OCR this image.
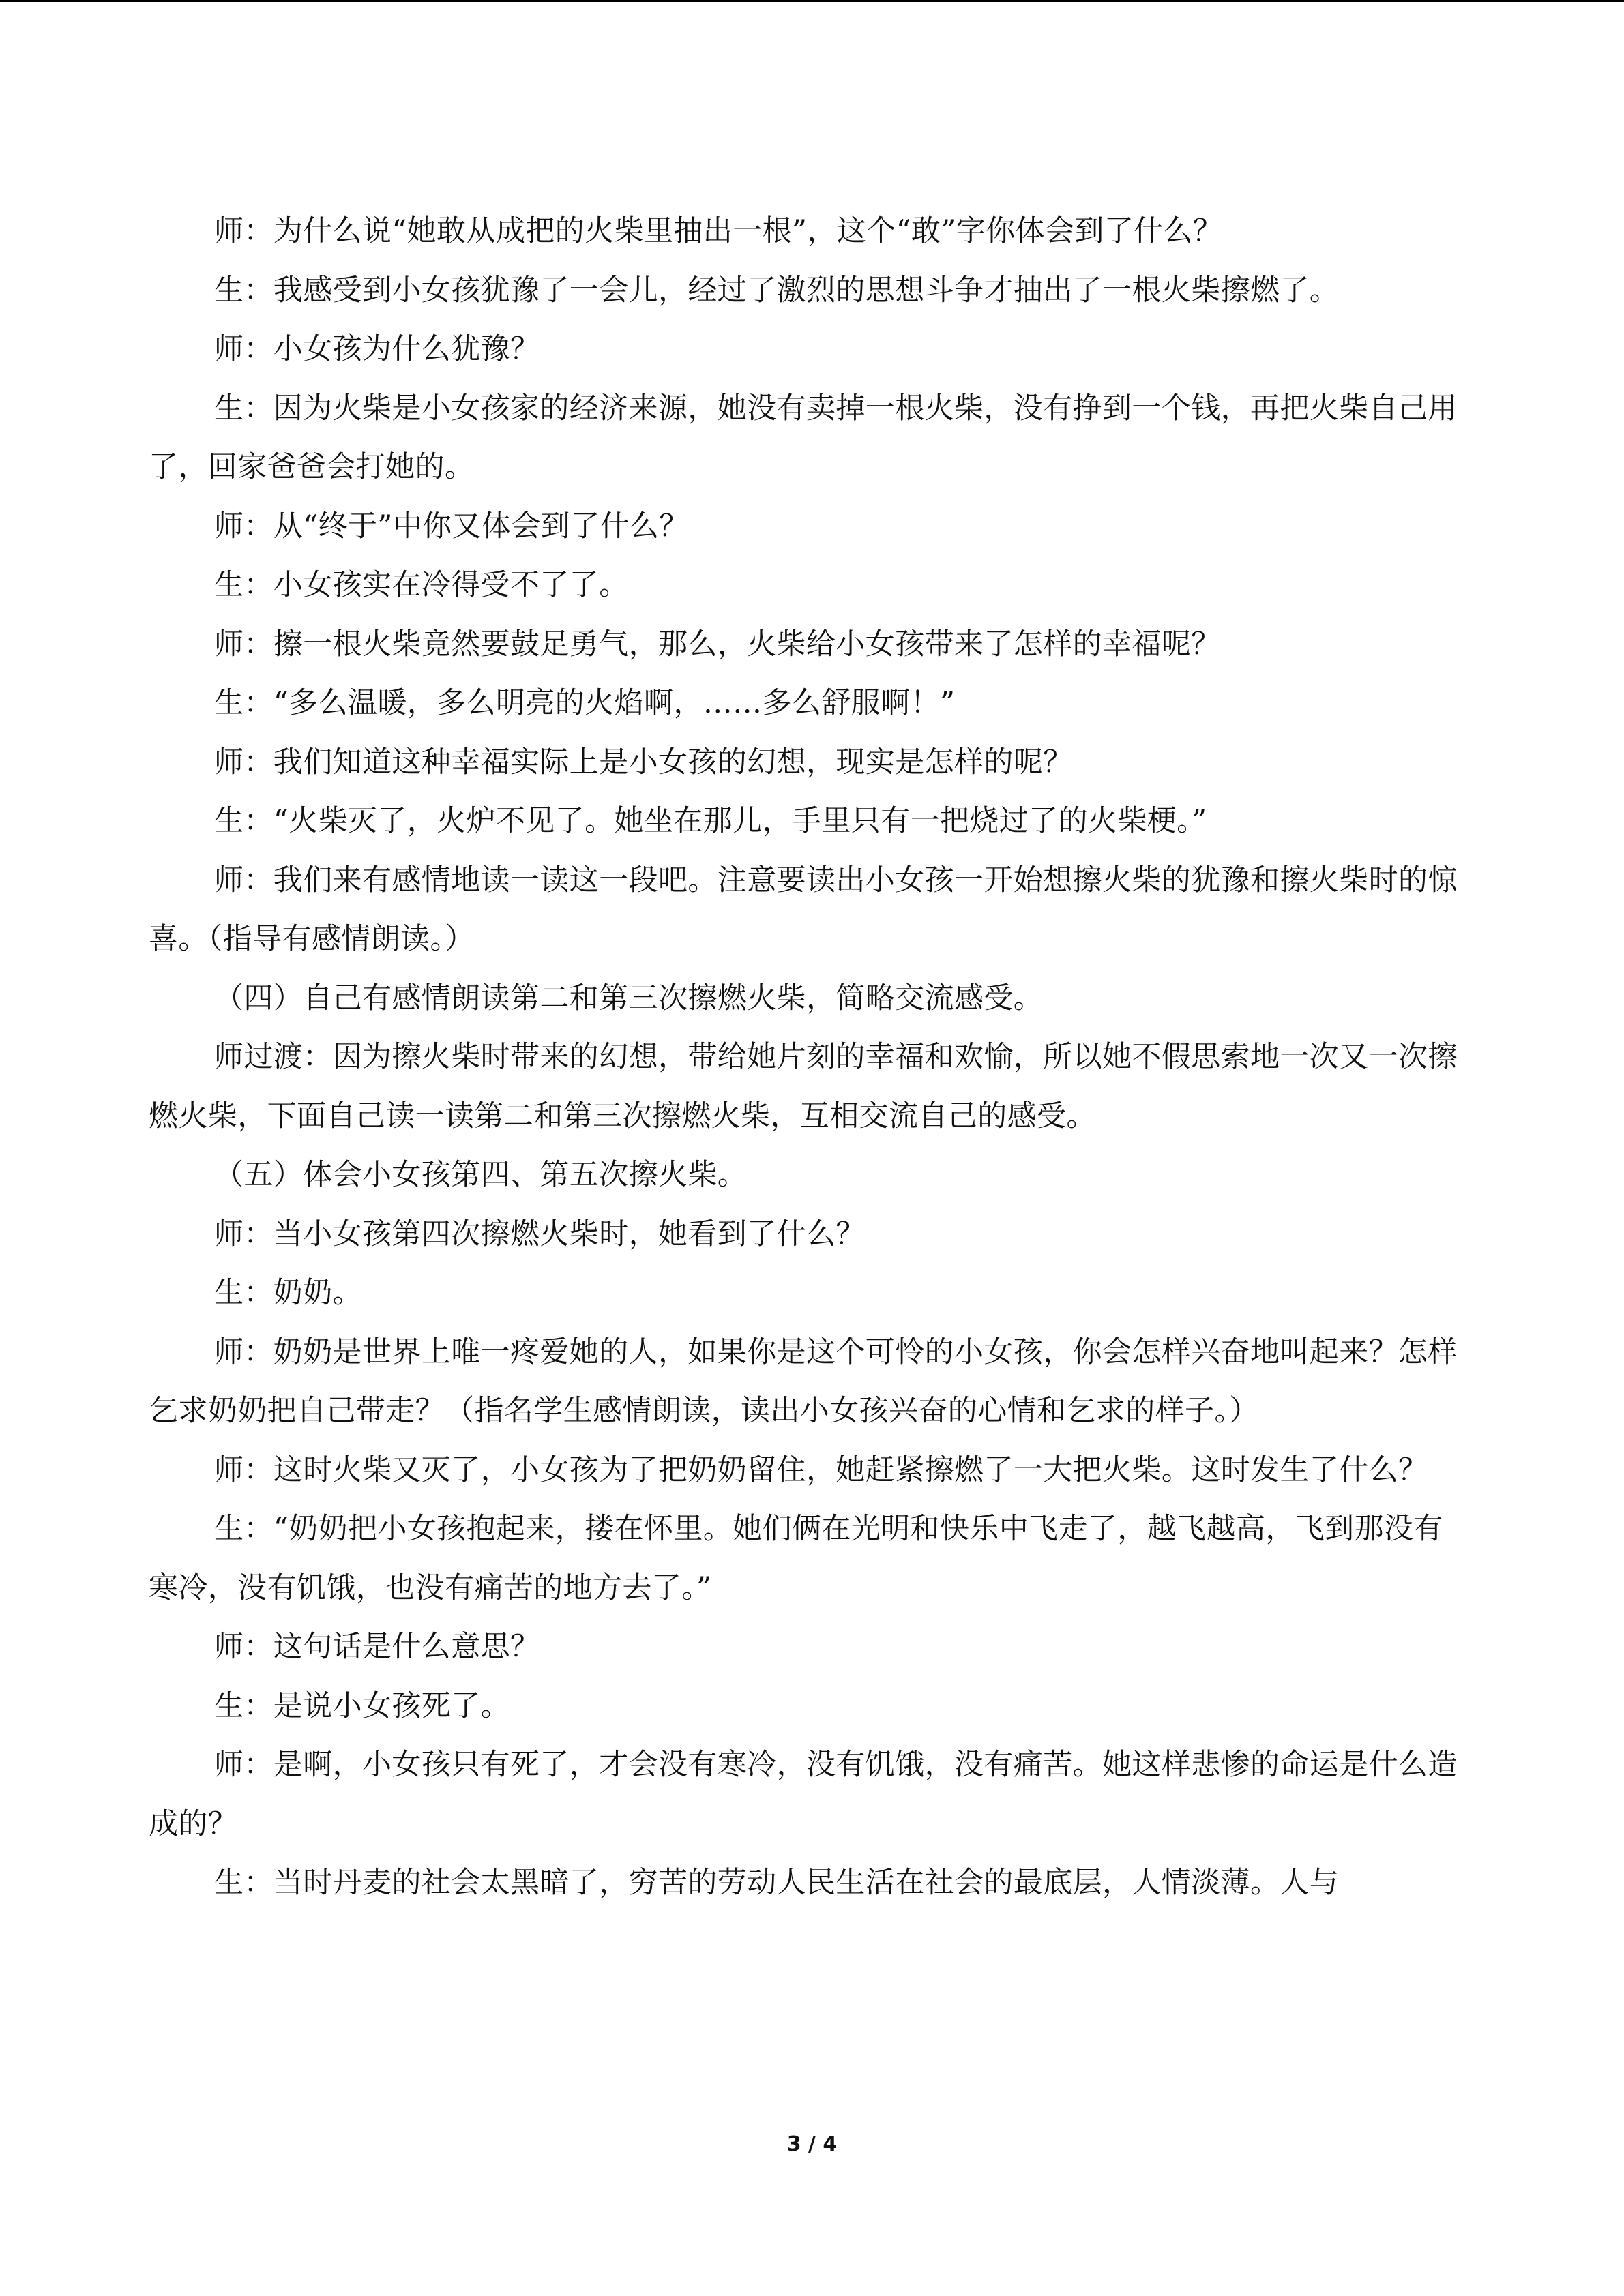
师：为什么说“她敢从成把的火柴里抽出一根”，这个“敢”字你体会到了什么？

生：我感受到小女孩犹豫了一会儿，经过了激烈的思想斗争才抽出了一根火柴擦燃了。

师：小女孩为什么犹豫？

生：因为火柴是小女孩家的经济来源，她没有卖掉一根火柴，没有挣到一个钱，再把火柴自己用了，回家爸爸会打她的。

师：从“终于”中你又体会到了什么？

生：小女孩实在冷得受不了了。

师：擦一根火柴竟然要鼓足勇气，那么，火柴给小女孩带来了怎样的幸福呢？

生：“多么温暖，多么明亮的火焰啊，……多么舒服啊！”

师：我们知道这种幸福实际上是小女孩的幻想，现实是怎样的呢？

生：“火柴灭了，火炉不见了。她坐在那儿，手里只有一把烧过了的火柴梗。”

师：我们来有感情地读一读这一段吧。注意要读出小女孩一开始想擦火柴的犹豫和擦火柴时的惊喜。（指导有感情朗读。）

（四）自己有感情朗读第二和第三次擦燃火柴，简略交流感受。

师过渡：因为擦火柴时带来的幻想，带给她片刻的幸福和欢愉，所以她不假思索地一次又一次擦燃火柴，下面自己读一读第二和第三次擦燃火柴，互相交流自己的感受。

（五）体会小女孩第四、第五次擦火柴。

师：当小女孩第四次擦燃火柴时，她看到了什么？

生：奶奶。

师：奶奶是世界上唯一疼爱她的人，如果你是这个可怜的小女孩，你会怎样兴奋地叫起来？怎样乞求奶奶把自己带走？（指名学生感情朗读，读出小女孩兴奋的心情和乞求的样子。）

师：这时火柴又灭了，小女孩为了把奶奶留住，她赶紧擦燃了一大把火柴。这时发生了什么？

生：“奶奶把小女孩抱起来，搂在怀里。她们俩在光明和快乐中飞走了，越飞越高，飞到那没有寒冷，没有饥饿，也没有痛苦的地方去了。”

师：这句话是什么意思？

生：是说小女孩死了。

师：是啊，小女孩只有死了，才会没有寒冷，没有饥饿，没有痛苦。她这样悲惨的命运是什么造成的？

生：当时丹麦的社会太黑暗了，穷苦的劳动人民生活在社会的最底层，人情淡薄。人与

3 / 4
